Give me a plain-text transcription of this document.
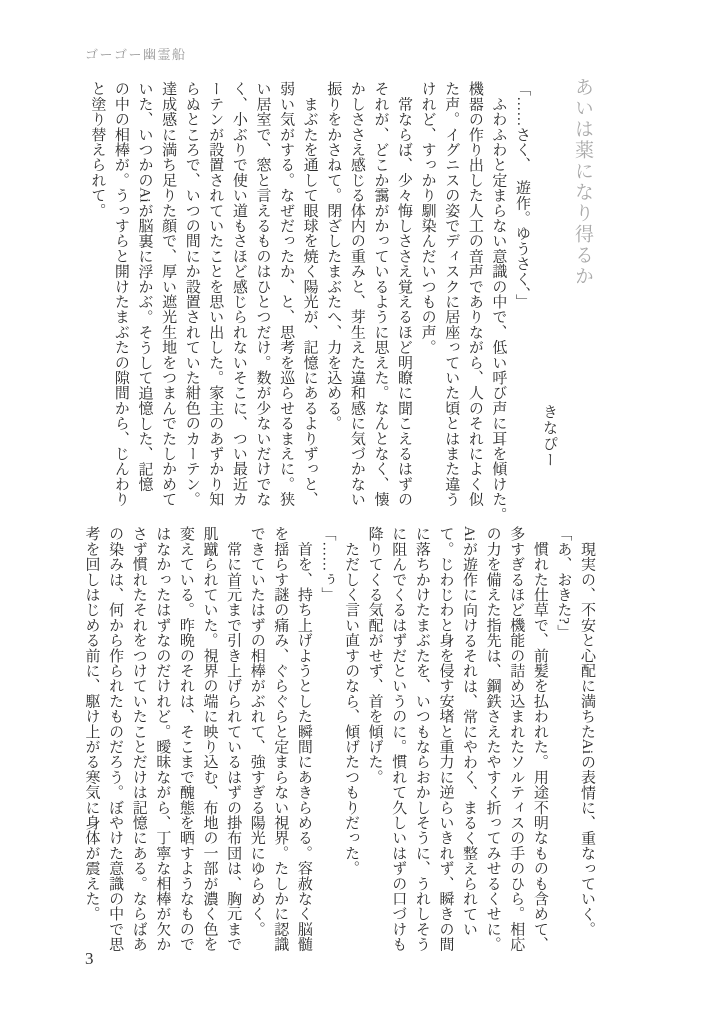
ゴーゴー幽霊船
あいは薬になり得るか
きなぴー
「……さく、　遊作。ゆうさく、」
　ふわふわと定まらない意識の中で、低い呼び声に耳を傾けた。
機器の作り出した人工の音声でありながら、人のそれによく似
た声。イグニスの姿でディスクに居座っていた頃とはまた違う
けれど、すっかり馴染んだいつもの声。
　常ならば、少々悔しささえ覚えるほど明瞭に聞こえるはずの
それが、どこか靄がかっているように思えた。なんとなく、懐
かしささえ感じる体内の重みと、芽生えた違和感に気づかない
振りをかさねて。閉ざしたまぶたへ、力を込める。
　まぶたを通して眼球を焼く陽光が、記憶にあるよりずっと、
弱い気がする。なぜだったか、と、思考を巡らせるまえに。狭
い居室で、窓と言えるものはひとつだけ。数が少ないだけでな
く、小ぶりで使い道もさほど感じられないそこに、つい最近カ
ーテンが設置されていたことを思い出した。家主のあずかり知
らぬところで、いつの間にか設置されていた紺色のカーテン。
達成感に満ち足りた顔で、厚い遮光生地をつまんでたしかめて
いた、いつかのAiが脳裏に浮かぶ。そうして追憶した、記憶
の中の相棒が。うっすらと開けたまぶたの隙間から、じんわり
と塗り替えられて。
　現実の、不安と心配に満ちたAiの表情に、重なっていく。
「あ、おきた?」
　慣れた仕草で、前髪を払われた。用途不明なものも含めて、
多すぎるほど機能の詰め込まれたソルティスの手のひら。相応
の力を備えた指先は、鋼鉄さえたやすく折ってみせるくせに。
Aiが遊作に向けるそれは、常にやわく、まるく整えられてい
て。じわじわと身を侵す安堵と重力に逆らいきれず、瞬きの間
に落ちかけたまぶたを、いつもならおかしそうに、うれしそう
に阻んでくるはずだというのに。慣れて久しいはずの口づけも
降りてくる気配がせず、首を傾げた。
　ただしく言い直すのなら、傾げたつもりだった。
「……ぅ」
　首を、持ち上げようとした瞬間にあきらめる。容赦なく脳髄
を揺らす謎の痛み、ぐらぐらと定まらない視界。たしかに認識
できていたはずの相棒がぶれて、強すぎる陽光にゆらめく。
　常に首元まで引き上げられているはずの掛布団は、胸元まで
肌蹴られていた。視界の端に映り込む、布地の一部が濃く色を
変えている。昨晩のそれは、そこまで醜態を晒すようなもので
はなかったはずなのだけれど。曖昧ながら、丁寧な相棒が欠か
さず慣れたそれをつけていたことだけは記憶にある。ならばあ
の染みは、何から作られたものだろう。ぼやけた意識の中で思
考を回しはじめる前に、駆け上がる寒気に身体が震えた。
3
